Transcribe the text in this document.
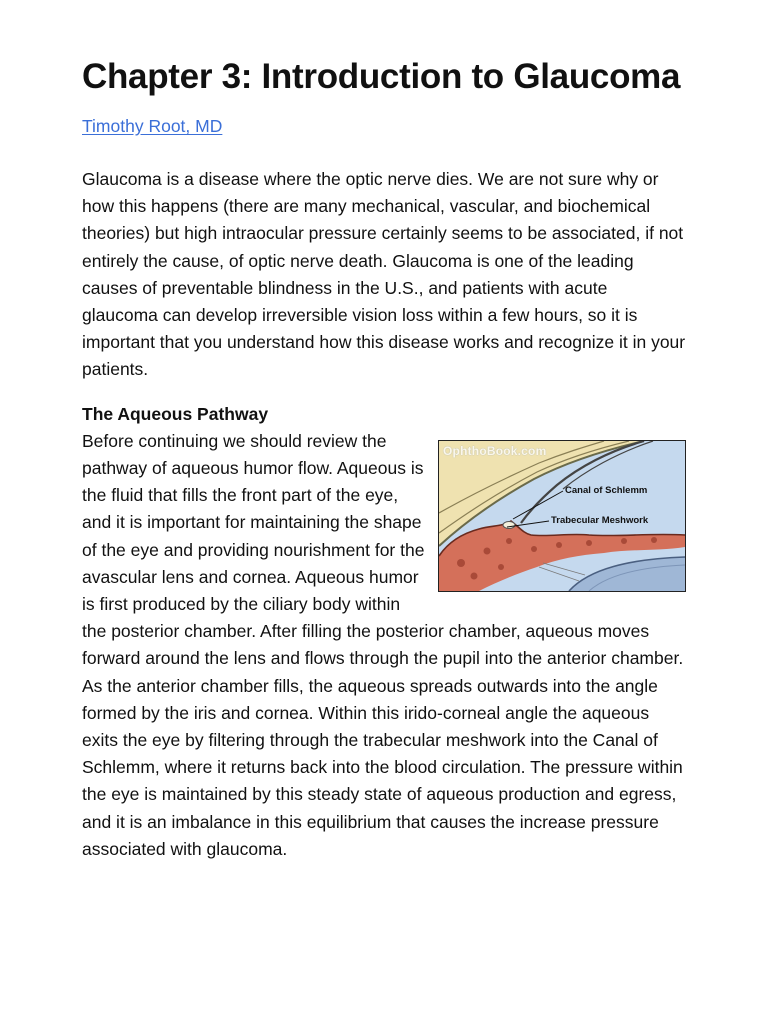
Chapter 3: Introduction to Glaucoma
Timothy Root, MD

Glaucoma is a disease where the optic nerve dies. We are not sure why or how this happens (there are many mechanical, vascular, and biochemical theories) but high intraocular pressure certainly seems to be associated, if not entirely the cause, of optic nerve death. Glaucoma is one of the leading causes of preventable blindness in the U.S., and patients with acute glaucoma can develop irreversible vision loss within a few hours, so it is important that you understand how this disease works and recognize it in your patients.

The Aqueous Pathway
OphthoBook.com
Canal of Schlemm
Trabecular Meshwork

Before continuing we should review the pathway of aqueous humor flow. Aqueous is the fluid that fills the front part of the eye, and it is important for maintaining the shape of the eye and providing nourishment for the avascular lens and cornea. Aqueous humor is first produced by the ciliary body within the posterior chamber. After filling the posterior chamber, aqueous moves forward around the lens and flows through the pupil into the anterior chamber. As the anterior chamber fills, the aqueous spreads outwards into the angle formed by the iris and cornea. Within this irido-corneal angle the aqueous exits the eye by filtering through the trabecular meshwork into the Canal of Schlemm, where it returns back into the blood circulation. The pressure within the eye is maintained by this steady state of aqueous production and egress, and it is an imbalance in this equilibrium that causes the increase pressure associated with glaucoma.
